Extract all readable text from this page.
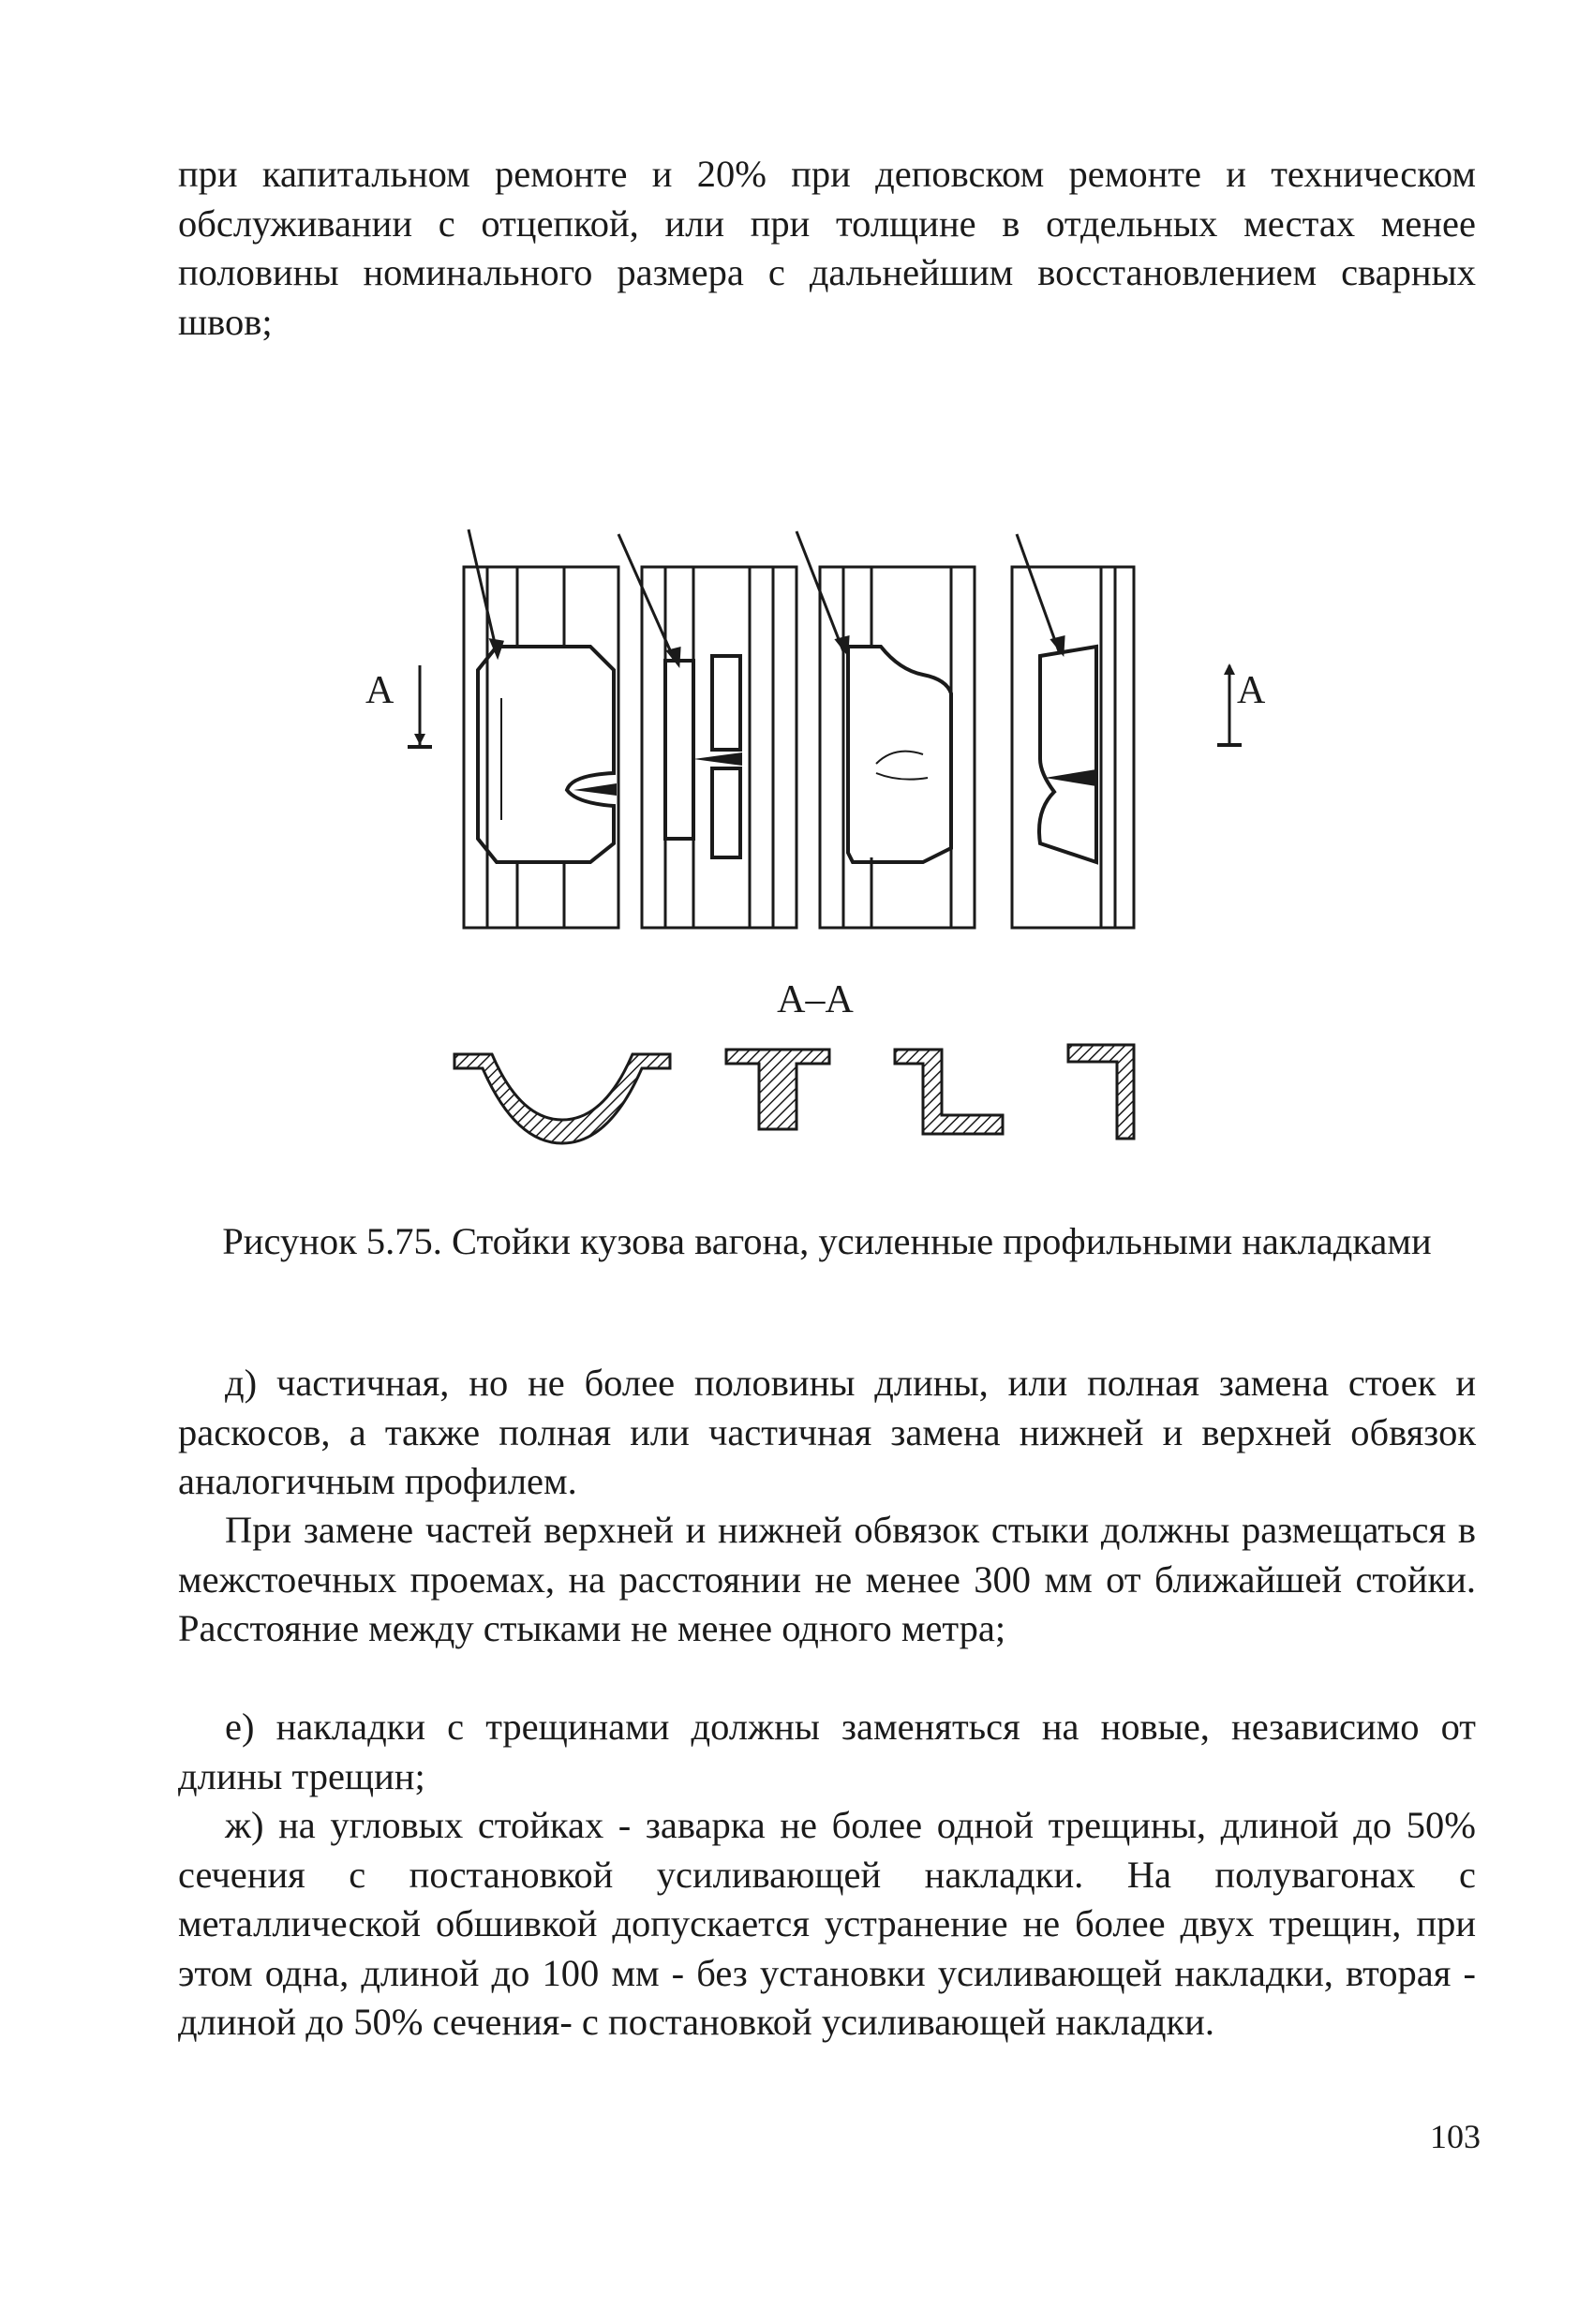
при капитальном ремонте и 20% при деповском ремонте и техническом обслуживании с отцепкой, или при толщине в отдельных местах менее половины номинального размера с дальнейшим восстановлением сварных швов;

А	А
А–А

Рисунок 5.75. Стойки кузова вагона, усиленные профильными накладками

д) частичная, но не более половины длины, или полная замена стоек и раскосов, а также полная или частичная замена нижней и верхней обвязок аналогичным профилем.

При замене частей верхней и нижней обвязок стыки должны размещаться в межстоечных проемах, на расстоянии не менее 300 мм от ближайшей стойки. Расстояние между стыками не менее одного метра;

е) накладки с трещинами должны заменяться на новые, независимо от длины трещин;

ж) на угловых стойках - заварка не более одной трещины, длиной до 50% сечения с постановкой усиливающей накладки. На полувагонах с металлической обшивкой допускается устранение не более двух трещин, при этом одна, длиной до 100 мм - без установки усиливающей накладки, вторая - длиной до 50% сечения- с постановкой усиливающей накладки.

103
